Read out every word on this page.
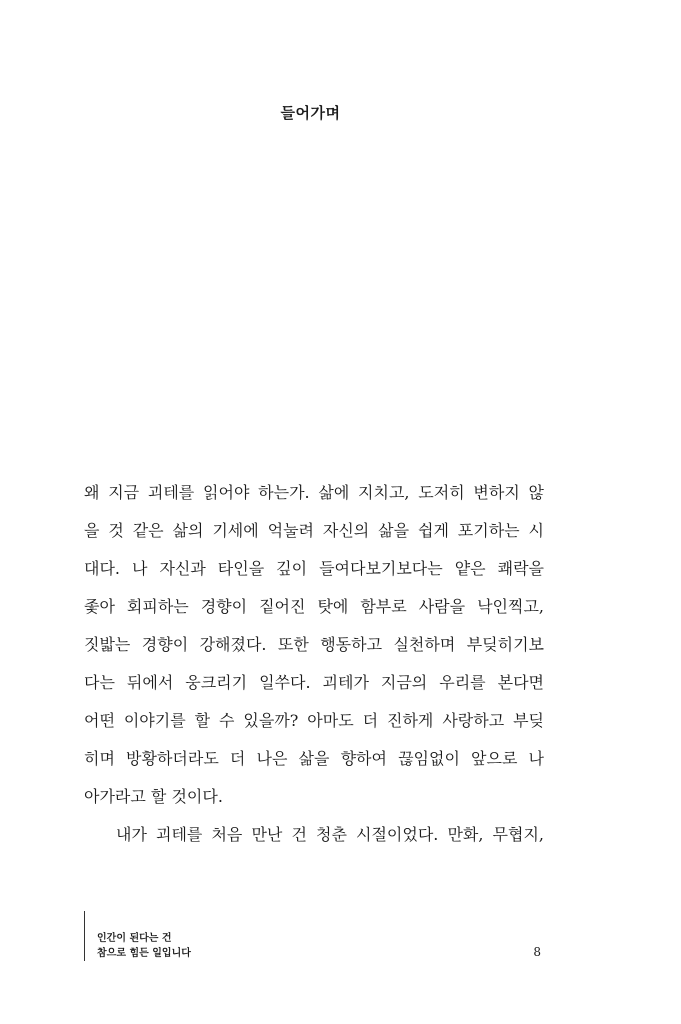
들어가며
왜 지금 괴테를 읽어야 하는가. 삶에 지치고, 도저히 변하지 않
을 것 같은 삶의 기세에 억눌려 자신의 삶을 쉽게 포기하는 시
대다. 나 자신과 타인을 깊이 들여다보기보다는 얕은 쾌락을
좇아 회피하는 경향이 짙어진 탓에 함부로 사람을 낙인찍고,
짓밟는 경향이 강해졌다. 또한 행동하고 실천하며 부딪히기보
다는 뒤에서 웅크리기 일쑤다. 괴테가 지금의 우리를 본다면
어떤 이야기를 할 수 있을까? 아마도 더 진하게 사랑하고 부딪
히며 방황하더라도 더 나은 삶을 향하여 끊임없이 앞으로 나
아가라고 할 것이다.
내가 괴테를 처음 만난 건 청춘 시절이었다. 만화, 무협지,
인간이 된다는 건
참으로 힘든 일입니다	8
